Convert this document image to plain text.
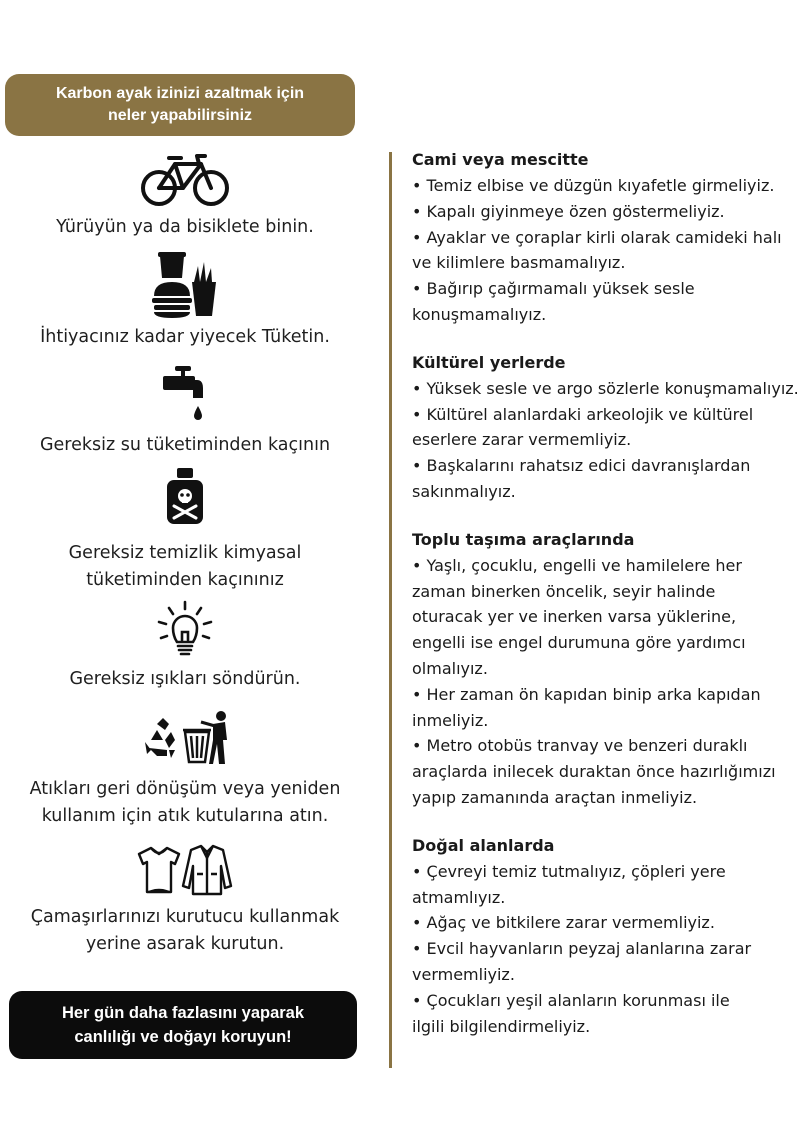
Karbon ayak izinizi azaltmak için
neler yapabilirsiniz
Yürüyün ya da bisiklete binin.
İhtiyacınız kadar yiyecek Tüketin.
Gereksiz su tüketiminden kaçının
Gereksiz temizlik kimyasal
tüketiminden kaçınınız
Gereksiz ışıkları söndürün.
Atıkları geri dönüşüm veya yeniden
kullanım için atık kutularına atın.
Çamaşırlarınızı kurutucu kullanmak
yerine asarak kurutun.
Her gün daha fazlasını yaparak
canlılığı ve doğayı koruyun!
Cami veya mescitte
• Temiz elbise ve düzgün kıyafetle girmeliyiz.
• Kapalı giyinmeye özen göstermeliyiz.
• Ayaklar ve çoraplar kirli olarak camideki halı
ve kilimlere basmamalıyız.
• Bağırıp çağırmamalı yüksek sesle
konuşmamalıyız.
Kültürel yerlerde
• Yüksek sesle ve argo sözlerle konuşmamalıyız.
• Kültürel alanlardaki arkeolojik ve kültürel
eserlere zarar vermemliyiz.
• Başkalarını rahatsız edici davranışlardan
sakınmalıyız.
Toplu taşıma araçlarında
• Yaşlı, çocuklu, engelli ve hamilelere her
zaman binerken öncelik, seyir halinde
oturacak yer ve inerken varsa yüklerine,
engelli ise engel durumuna göre yardımcı
olmalıyız.
• Her zaman ön kapıdan binip arka kapıdan
inmeliyiz.
• Metro otobüs tranvay ve benzeri duraklı
araçlarda inilecek duraktan önce hazırlığımızı
yapıp zamanında araçtan inmeliyiz.
Doğal alanlarda
• Çevreyi temiz tutmalıyız, çöpleri yere
atmamlıyız.
• Ağaç ve bitkilere zarar vermemliyiz.
• Evcil hayvanların peyzaj alanlarına zarar
vermemliyiz.
• Çocukları yeşil alanların korunması ile
ilgili bilgilendirmeliyiz.
